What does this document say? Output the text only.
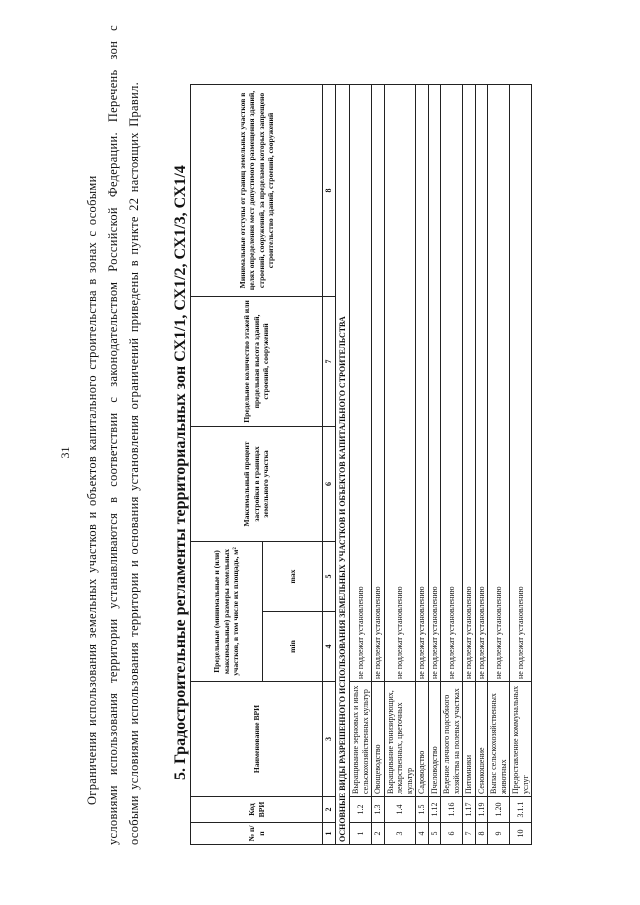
31 Ограничения использования земельных участков и объектов капитального строительства в зонах с особыми условиями использования территории устанавливаются в соответствии с законодательством Российской Федерации. Перечень зон с особыми условиями использования территории и основания установления ограничений приведены в пункте 22 настоящих Правил. 5. Градостроительные регламенты территориальных зон СХ1/1, СХ1/2, СХ1/3, СХ1/4
№ п/п	Код ВРИ	Наименование ВРИ	Предельные (минимальные и (или) максимальные) размеры земельных участков, в том числе их площадь, м²		Максимальный процент застройки в границах земельного участка	Предельное количество этажей или предельная высота зданий, строений, сооружений	Минимальные отступы от границ земельных участков в целях определения мест допустимого размещения зданий, строений, сооружений, за пределами которых запрещено строительство зданий, строений, сооружений
			min	max			
1	2	3	4	5	6	7	8
ОСНОВНЫЕ ВИДЫ РАЗРЕШЕННОГО ИСПОЛЬЗОВАНИЯ ЗЕМЕЛЬНЫХ УЧАСТКОВ И ОБЪЕКТОВ КАПИТАЛЬНОГО СТРОИТЕЛЬСТВА							
1	1.2	Выращивание зерновых и иных сельскохозяйственных культур	не подлежат установлению				
2	1.3	Овощеводство	не подлежат установлению				
3	1.4	Выращивание тонизирующих, лекарственных, цветочных культур	не подлежат установлению				
4	1.5	Садоводство	не подлежат установлению				
5	1.12	Пчеловодство	не подлежат установлению				
6	1.16	Ведение личного подсобного хозяйства на полевых участках	не подлежат установлению				
7	1.17	Питомники	не подлежат установлению				
8	1.19	Сенокошение	не подлежат установлению				
9	1.20	Выпас сельскохозяйственных животных	не подлежат установлению				
10	3.1.1	Предоставление коммунальных услуг	не подлежат установлению				
